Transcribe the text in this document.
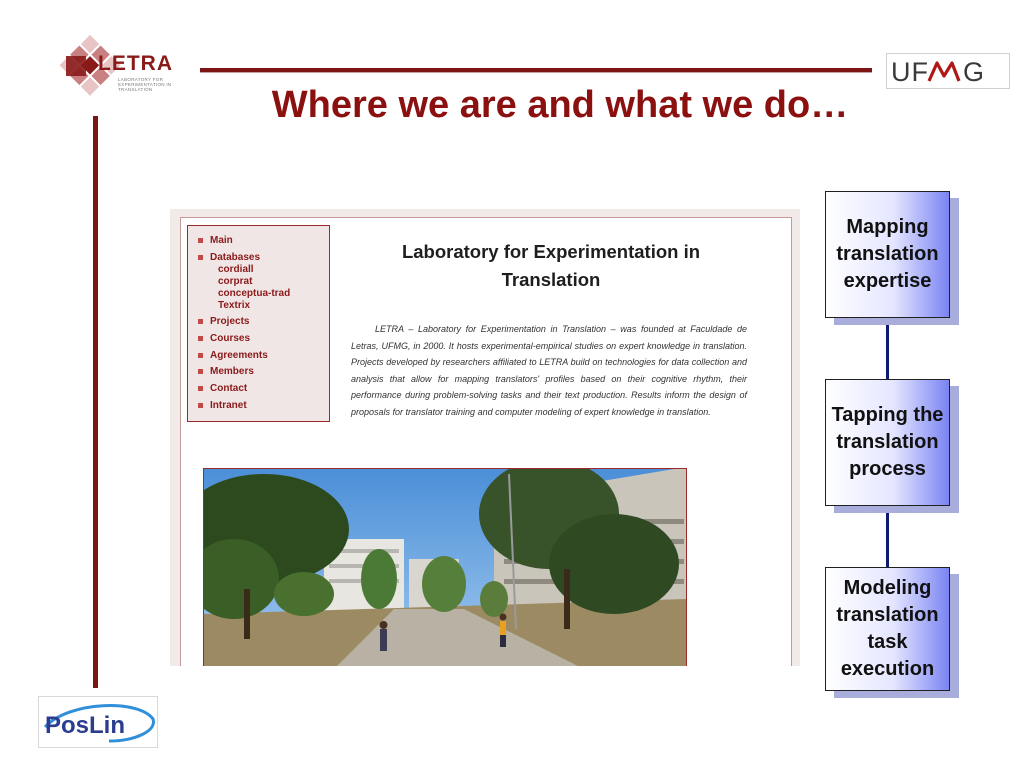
LETRA
LABORATORY FOR EXPERIMENTATION IN TRANSLATION
UF G
Where we are and what we do…
Main
Databases
cordiall
corprat
conceptua-trad
Textrix
Projects
Courses
Agreements
Members
Contact
Intranet
Laboratory for Experimentation in Translation
LETRA – Laboratory for Experimentation in Translation – was founded at Faculdade de Letras, UFMG, in 2000. It hosts experimental-empirical studies on expert knowledge in translation. Projects developed by researchers affiliated to LETRA build on technologies for data collection and analysis that allow for mapping translators' profiles based on their cognitive rhythm, their performance during problem-solving tasks and their text production. Results inform the design of proposals for translator training and computer modeling of expert knowledge in translation.
Mapping translation expertise
Tapping the translation process
Modeling translation task execution
PosLin
